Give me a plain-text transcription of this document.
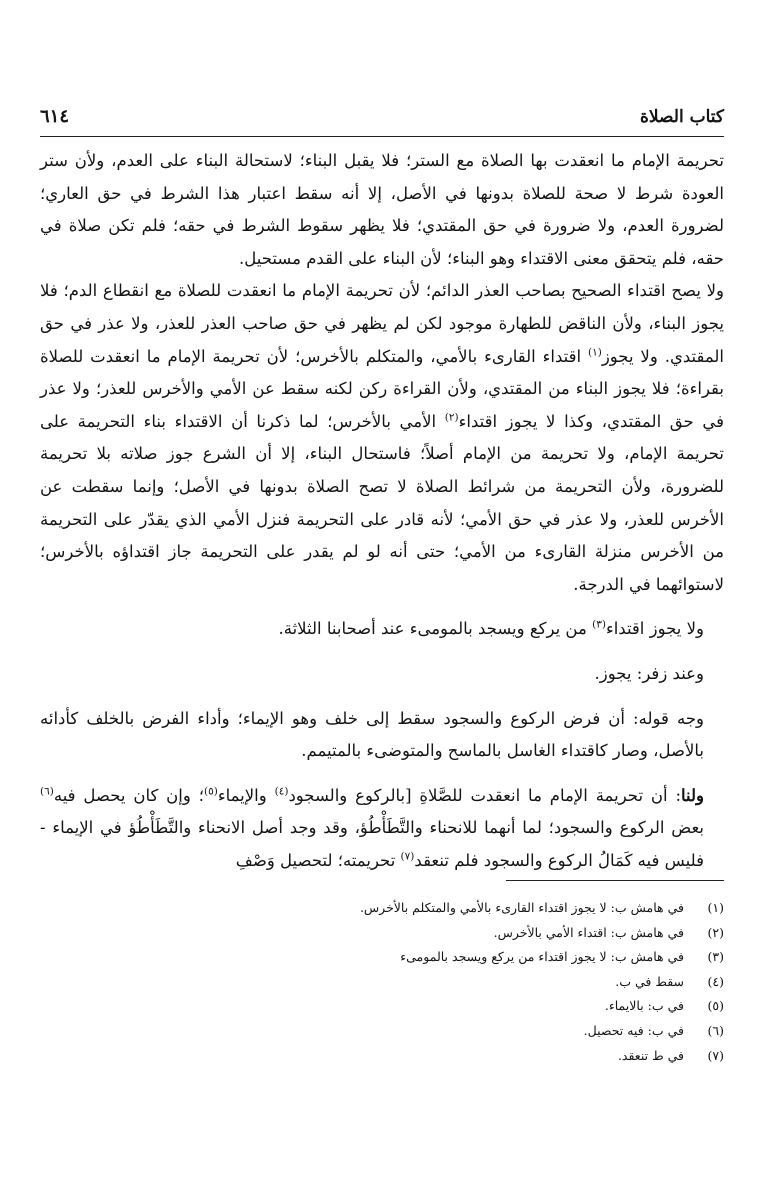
كتاب الصلاة
٦١٤

تحريمة الإمام ما انعقدت بها الصلاة مع الستر؛ فلا يقبل البناء؛ لاستحالة البناء على العدم، ولأن ستر العودة شرط لا صحة للصلاة بدونها في الأصل، إلا أنه سقط اعتبار هذا الشرط في حق العاري؛ لضرورة العدم، ولا ضرورة في حق المقتدي؛ فلا يظهر سقوط الشرط في حقه؛ فلم تكن صلاة في حقه، فلم يتحقق معنى الاقتداء وهو البناء؛ لأن البناء على القدم مستحيل.

ولا يصح اقتداء الصحيح بصاحب العذر الدائم؛ لأن تحريمة الإمام ما انعقدت للصلاة مع انقطاع الدم؛ فلا يجوز البناء، ولأن الناقض للطهارة موجود لكن لم يظهر في حق صاحب العذر للعذر، ولا عذر في حق المقتدي. ولا يجوز$^{(١)}$ اقتداء القارىء بالأمي، والمتكلم بالأخرس؛ لأن تحريمة الإمام ما انعقدت للصلاة بقراءة؛ فلا يجوز البناء من المقتدي، ولأن القراءة ركن لكنه سقط عن الأمي والأخرس للعذر؛ ولا عذر في حق المقتدي، وكذا لا يجوز اقتداء$^{(٢)}$ الأمي بالأخرس؛ لما ذكرنا أن الاقتداء بناء التحريمة على تحريمة الإمام، ولا تحريمة من الإمام أصلاً؛ فاستحال البناء، إلا أن الشرع جوز صلاته بلا تحريمة للضرورة، ولأن التحريمة من شرائط الصلاة لا تصح الصلاة بدونها في الأصل؛ وإنما سقطت عن الأخرس للعذر، ولا عذر في حق الأمي؛ لأنه قادر على التحريمة فنزل الأمي الذي يقدّر على التحريمة من الأخرس منزلة القارىء من الأمي؛ حتى أنه لو لم يقدر على التحريمة جاز اقتداؤه بالأخرس؛ لاستوائهما في الدرجة.

ولا يجوز اقتداء$^{(٣)}$ من يركع ويسجد بالمومىء عند أصحابنا الثلاثة.

وعند زفر: يجوز.

وجه قوله: أن فرض الركوع والسجود سقط إلى خلف وهو الإيماء؛ وأداء الفرض بالخلف كأدائه بالأصل، وصار كاقتداء الغاسل بالماسح والمتوضىء بالمتيمم.

ولنا: أن تحريمة الإمام ما انعقدت للصَّلاةِ [بالركوع والسجود$^{(٤)}$ والإيماء$^{(٥)}$؛ وإن كان يحصل فيه$^{(٦)}$ بعض الركوع والسجود؛ لما أنهما للانحناء والتَّطَأْطُؤ، وقد وجد أصل الانحناء والتَّطَأْطُؤ في الإيماء - فليس فيه كَمَالُ الركوع والسجود فلم تنعقد$^{(٧)}$ تحريمته؛ لتحصيل وَصْفِ

(١)
في هامش ب: لا يجوز اقتداء القارىء بالأمي والمتكلم بالأخرس.
(٢)
في هامش ب: اقتداء الأمي بالأخرس.
(٣)
في هامش ب: لا يجوز اقتداء من يركع ويسجد بالمومىء
(٤)
سقط في ب.
(٥)
في ب: بالايماء.
(٦)
في ب: فيه تحصيل.
(٧)
في ط تنعقد.
